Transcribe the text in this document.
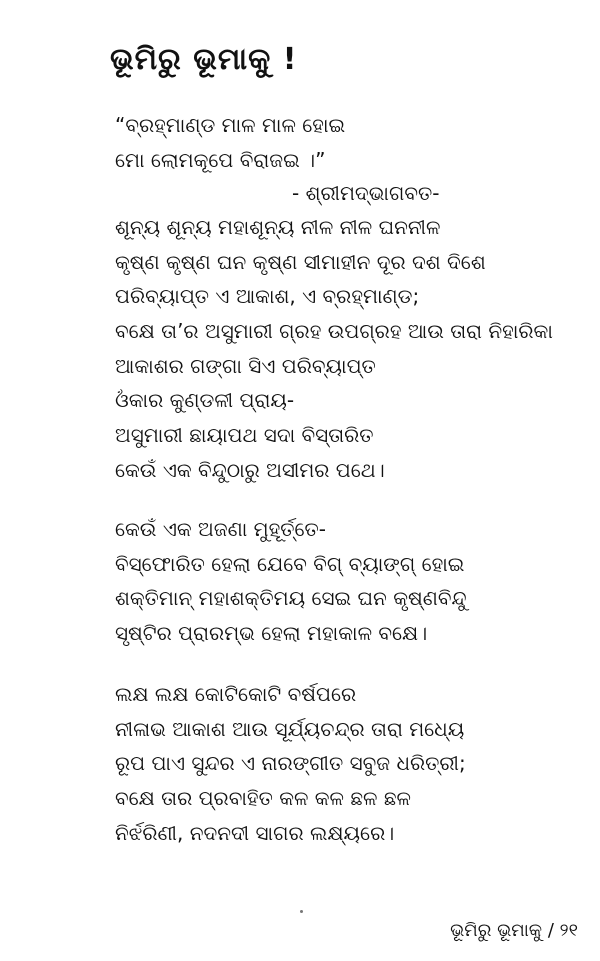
ଭୂମିରୁ ଭୂମାକୁ !
“ବ୍ରହ୍ମାଣ୍ଡ ମାଳ ମାଳ ହୋଇ
ମୋ ଲୋମକୂପେ ବିରାଜଇ ।”
- ଶ୍ରୀମଦ୍‌ଭାଗବତ-
ଶୂନ୍ୟ ଶୂନ୍ୟ ମହାଶୂନ୍ୟ ନୀଳ ନୀଳ ଘନନୀଳ
କୃଷ୍ଣ କୃଷ୍ଣ ଘନ କୃଷ୍ଣ ସୀମାହୀନ ଦୂର ଦଶ ଦିଶେ
ପରିବ୍ୟାପ୍ତ ଏ ଆକାଶ, ଏ ବ୍ରହ୍ମାଣ୍ଡ;
ବକ୍ଷେ ତା’ର ଅସୁମାରୀ ଗ୍ରହ ଉପଗ୍ରହ ଆଉ ତାରା ନିହାରିକା
ଆକାଶର ଗଙ୍ଗା ସିଏ ପରିବ୍ୟାପ୍ତ
ଓଁକାର କୁଣ୍ଡଳୀ ପ୍ରାୟ-
ଅସୁମାରୀ ଛାୟାପଥ ସଦା ବିସ୍ତାରିତ
କେଉଁ ଏକ ବିନ୍ଦୁଠାରୁ ଅସୀମର ପଥେ।
କେଉଁ ଏକ ଅଜଣା ମୁହୂର୍ତ୍ତେ-
ବିସ୍ଫୋରିତ ହେଲା ଯେବେ ବିଗ୍ ବ୍ୟାଙ୍ଗ୍ ହୋଇ
ଶକ୍ତିମାନ୍ ମହାଶକ୍ତିମୟ ସେଇ ଘନ କୃଷ୍ଣବିନ୍ଦୁ
ସୃଷ୍ଟିର ପ୍ରାରମ୍ଭ ହେଲା ମହାକାଳ ବକ୍ଷେ।
ଲକ୍ଷ ଲକ୍ଷ କୋଟିକୋଟି ବର୍ଷପରେ
ନୀଳାଭ ଆକାଶ ଆଉ ସୂର୍ଯ୍ୟଚନ୍ଦ୍ର ତାରା ମଧ୍ୟେ
ରୂପ ପାଏ ସୁନ୍ଦର ଏ ନାରଙ୍ଗୀତ ସବୁଜ ଧରିତ୍ରୀ;
ବକ୍ଷେ ତାର ପ୍ରବାହିତ କଳ କଳ ଛଳ ଛଳ
ନିର୍ଝରିଣୀ, ନଦନଦୀ ସାଗର ଲକ୍ଷ୍ୟରେ।
ଭୂମିରୁ ଭୂମାକୁ / ୨୧
